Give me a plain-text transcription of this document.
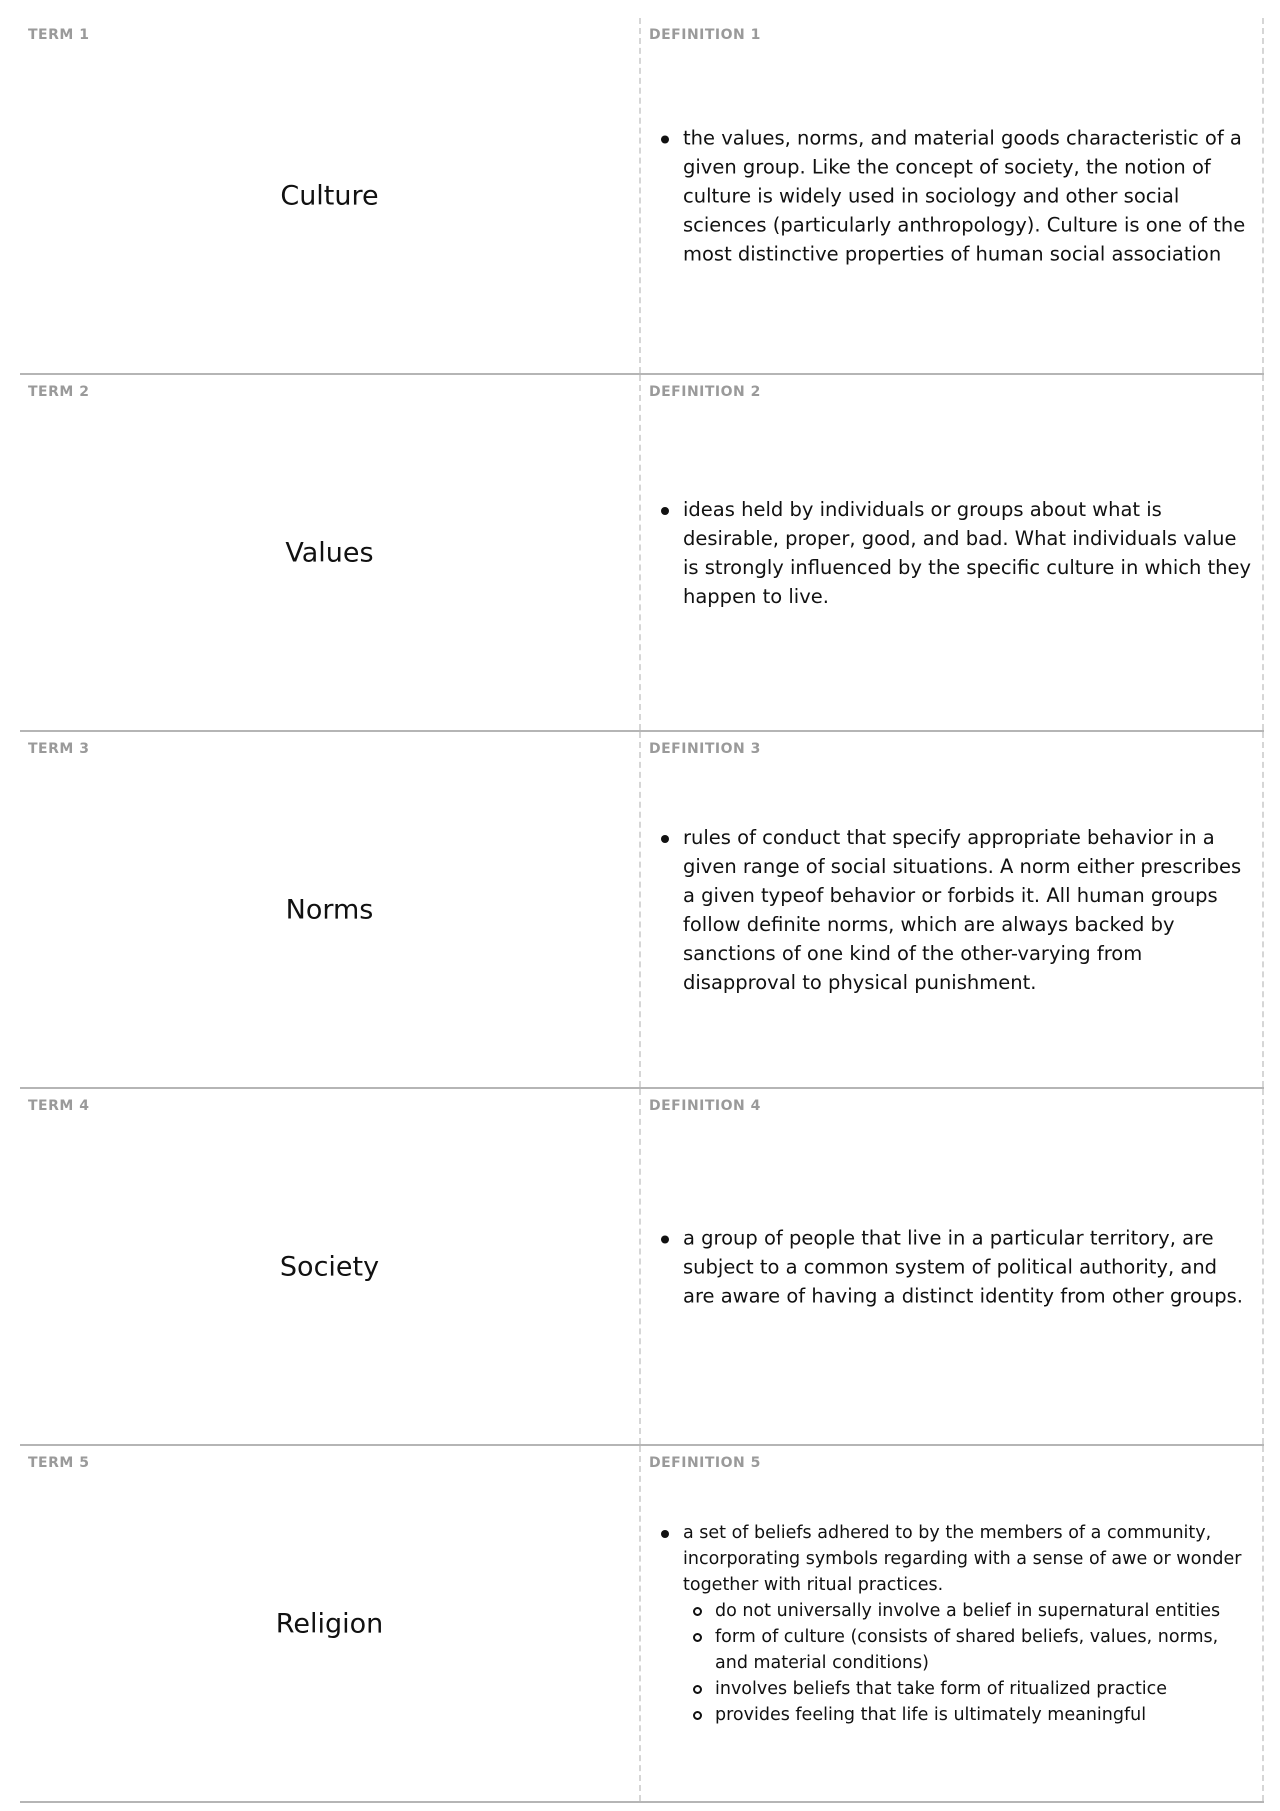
TERM 1
Culture
DEFINITION 1
the values, norms, and material goods characteristic of a given group. Like the concept of society, the notion of culture is widely used in sociology and other social sciences (particularly anthropology). Culture is one of the most distinctive properties of human social association
TERM 2
Values
DEFINITION 2
ideas held by individuals or groups about what is desirable, proper, good, and bad. What individuals value is strongly influenced by the specific culture in which they happen to live.
TERM 3
Norms
DEFINITION 3
rules of conduct that specify appropriate behavior in a given range of social situations. A norm either prescribes a given typeof behavior or forbids it. All human groups follow definite norms, which are always backed by sanctions of one kind of the other-varying from disapproval to physical punishment.
TERM 4
Society
DEFINITION 4
a group of people that live in a particular territory, are subject to a common system of political authority, and are aware of having a distinct identity from other groups.
TERM 5
Religion
DEFINITION 5
a set of beliefs adhered to by the members of a community, incorporating symbols regarding with a sense of awe or wonder together with ritual practices.
do not universally involve a belief in supernatural entities
form of culture (consists of shared beliefs, values, norms, and material conditions)
involves beliefs that take form of ritualized practice
provides feeling that life is ultimately meaningful
